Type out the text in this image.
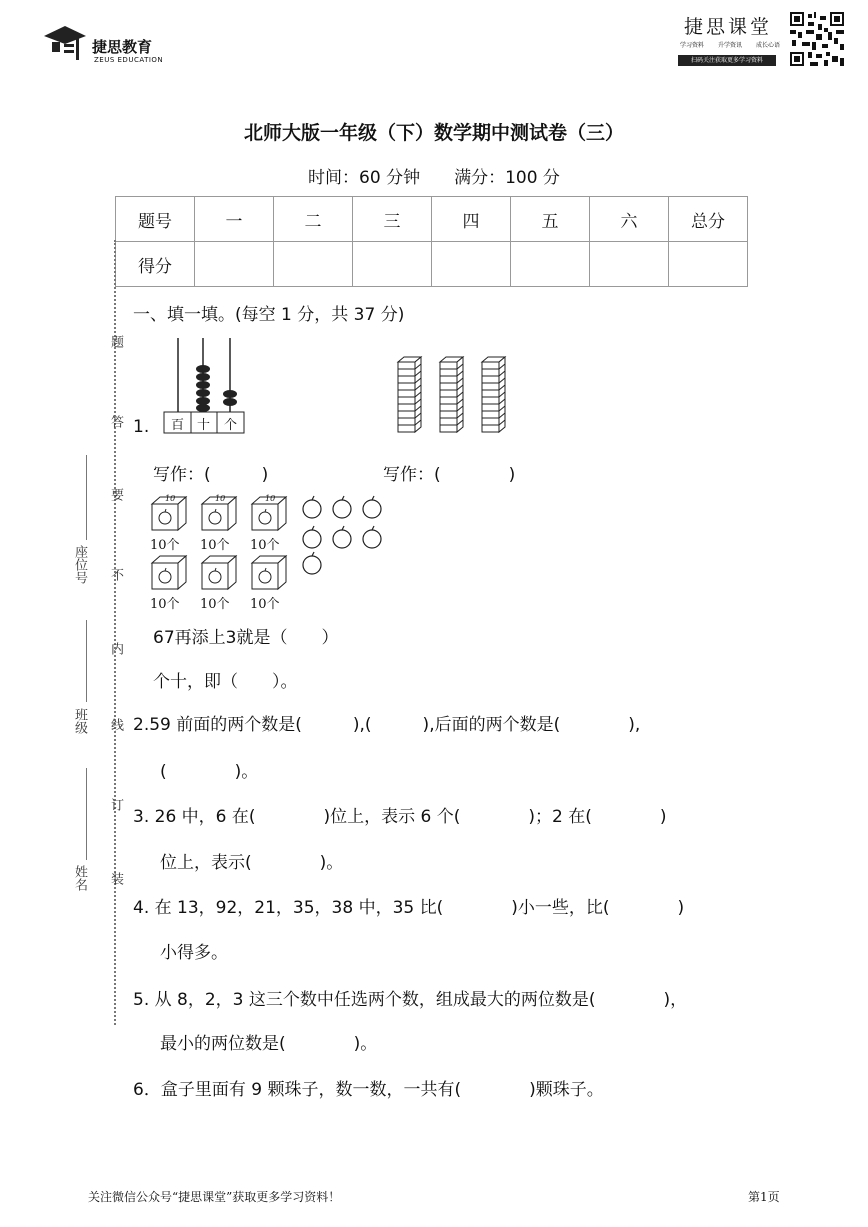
捷思教育
ZEUS EDUCATION
捷思课堂
学习资料 升学资讯 成长心语
扫码关注获取更多学习资料
北师大版一年级（下）数学期中测试卷（三）
时间：60 分钟　　满分：100 分
题号	一	二	三	四	五	六	总分
得分							
题
答
要
不
内
线
订
装
座位号
班级
姓名
一、填一填。(每空 1 分，共 37 分)
百 十 个
1.
写作：(　　　)	写作：(　　　　)
10
10个
10
10个
10
10个
10个	10个	10个
67再添上3就是（　　）
个十，即（　　）。
2.59 前面的两个数是(　　　),(　　　),后面的两个数是(　　　　),
(　　　　)。
3. 26 中，6 在(　　　　)位上，表示 6 个(　　　　)；2 在(　　　　)
位上，表示(　　　　)。
4. 在 13，92，21，35，38 中，35 比(　　　　)小一些，比(　　　　)
小得多。
5. 从 8，2，3 这三个数中任选两个数，组成最大的两位数是(　　　　)，
最小的两位数是(　　　　)。
6．盒子里面有 9 颗珠子，数一数，一共有(　　　　)颗珠子。
关注微信公众号“捷思课堂”获取更多学习资料！	第1页
